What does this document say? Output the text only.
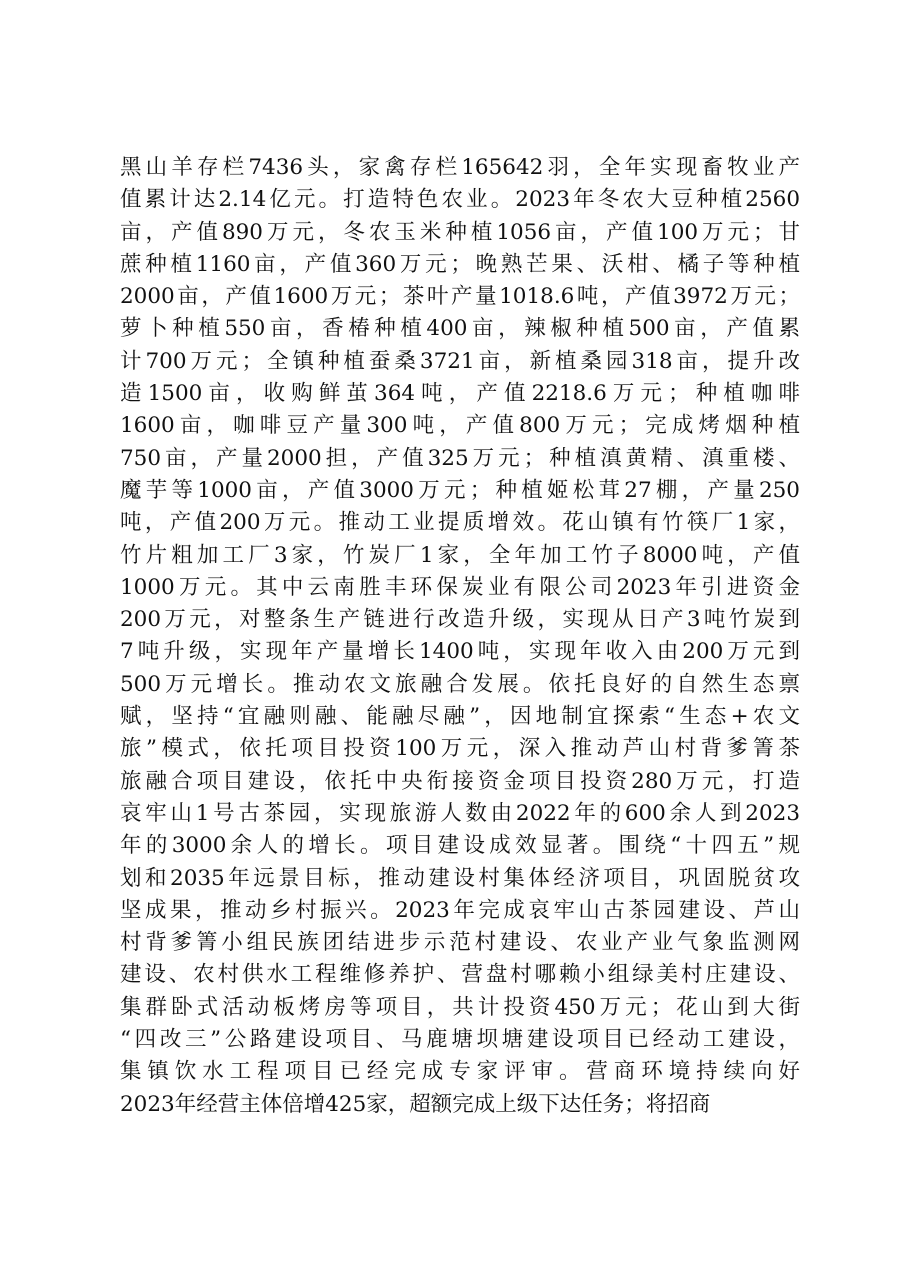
黑山羊存栏7436头，家禽存栏165642羽，全年实现畜牧业产
值累计达2.14亿元。打造特色农业。2023年冬农大豆种植2560
亩，产值890万元，冬农玉米种植1056亩，产值100万元；甘
蔗种植1160亩，产值360万元；晚熟芒果、沃柑、橘子等种植
2000亩，产值1600万元；茶叶产量1018.6吨，产值3972万元；
萝卜种植550亩，香椿种植400亩，辣椒种植500亩，产值累
计700万元；全镇种植蚕桑3721亩，新植桑园318亩，提升改
造1500亩，收购鲜茧364吨，产值2218.6万元；种植咖啡
1600亩，咖啡豆产量300吨，产值800万元；完成烤烟种植
750亩，产量2000担，产值325万元；种植滇黄精、滇重楼、
魔芋等1000亩，产值3000万元；种植姬松茸27棚，产量250
吨，产值200万元。推动工业提质增效。花山镇有竹筷厂1家，
竹片粗加工厂3家，竹炭厂1家，全年加工竹子8000吨，产值
1000万元。其中云南胜丰环保炭业有限公司2023年引进资金
200万元，对整条生产链进行改造升级，实现从日产3吨竹炭到
7吨升级，实现年产量增长1400吨，实现年收入由200万元到
500万元增长。推动农文旅融合发展。依托良好的自然生态禀
赋，坚持“宜融则融、能融尽融”，因地制宜探索“生态+农文
旅”模式，依托项目投资100万元，深入推动芦山村背爹箐茶
旅融合项目建设，依托中央衔接资金项目投资280万元，打造
哀牢山1号古茶园，实现旅游人数由2022年的600余人到2023
年的3000余人的增长。项目建设成效显著。围绕“十四五”规
划和2035年远景目标，推动建设村集体经济项目，巩固脱贫攻
坚成果，推动乡村振兴。2023年完成哀牢山古茶园建设、芦山
村背爹箐小组民族团结进步示范村建设、农业产业气象监测网
建设、农村供水工程维修养护、营盘村哪赖小组绿美村庄建设、
集群卧式活动板烤房等项目，共计投资450万元；花山到大街
“四改三”公路建设项目、马鹿塘坝塘建设项目已经动工建设，
集镇饮水工程项目已经完成专家评审。营商环境持续向好
2023年经营主体倍增425家，超额完成上级下达任务；将招商
